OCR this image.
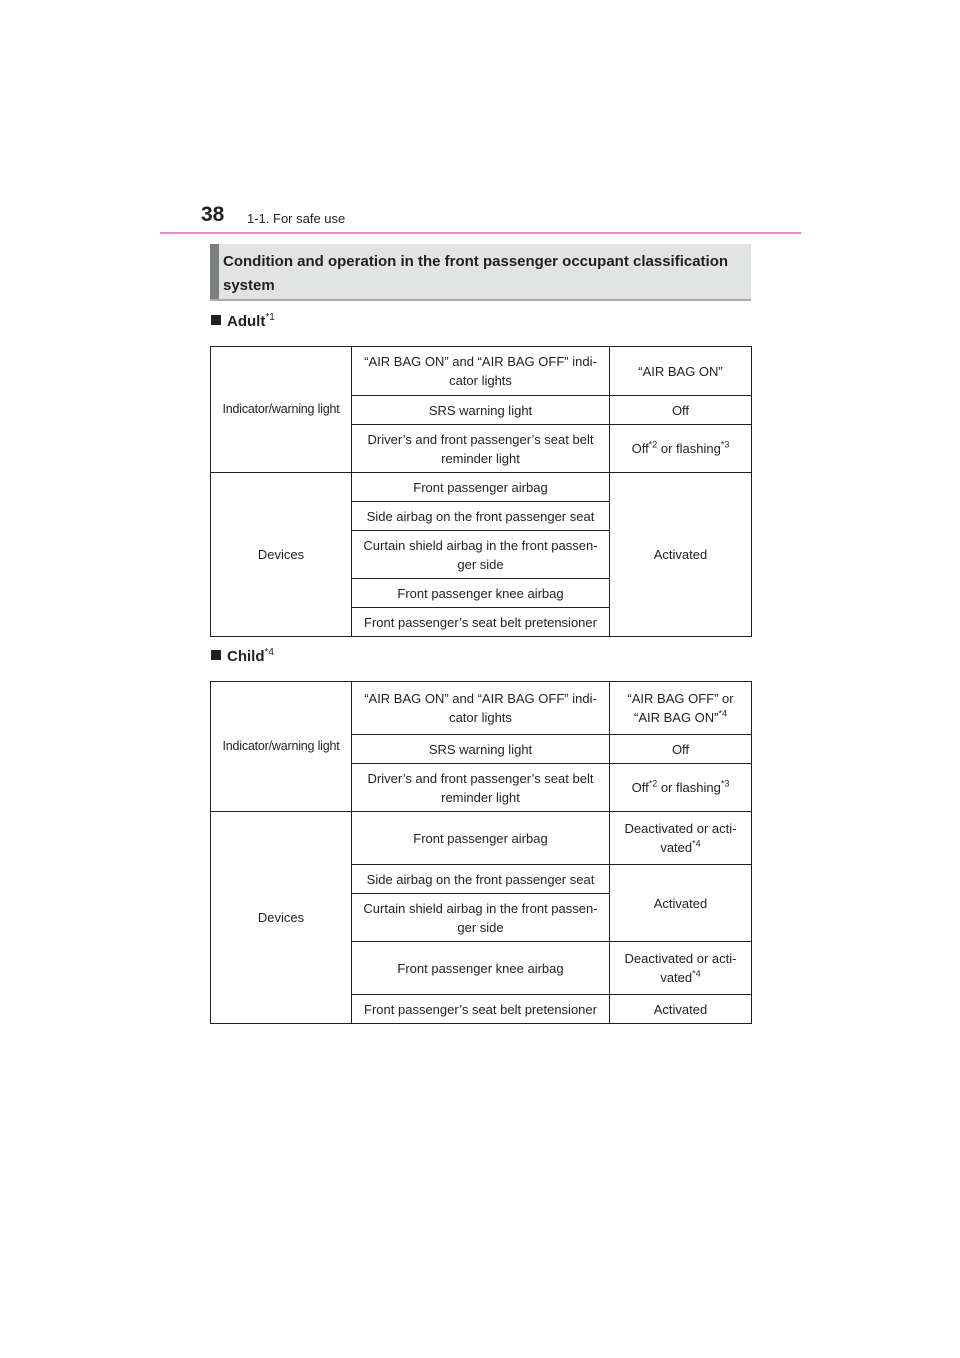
38 1-1. For safe use
Condition and operation in the front passenger occupant classification system
Adult$^{*1}$
Indicator/warning light	“AIR BAG ON” and “AIR BAG OFF” indi-cator lights	“AIR BAG ON”
	SRS warning light	Off
	Driver’s and front passenger’s seat belt reminder light	Off$^{*2}$ or flashing$^{*3}$
Devices	Front passenger airbag	Activated
	Side airbag on the front passenger seat	
	Curtain shield airbag in the front passen-ger side	
	Front passenger knee airbag	
	Front passenger’s seat belt pretensioner	
Child$^{*4}$
Indicator/warning light	“AIR BAG ON” and “AIR BAG OFF” indi-cator lights	“AIR BAG OFF” or “AIR BAG ON”$^{*4}$
	SRS warning light	Off
	Driver’s and front passenger’s seat belt reminder light	Off$^{*2}$ or flashing$^{*3}$
Devices	Front passenger airbag	Deactivated or acti-vated$^{*4}$
	Side airbag on the front passenger seat	Activated
	Curtain shield airbag in the front passen-ger side	
	Front passenger knee airbag	Deactivated or acti-vated$^{*4}$
	Front passenger’s seat belt pretensioner	Activated
